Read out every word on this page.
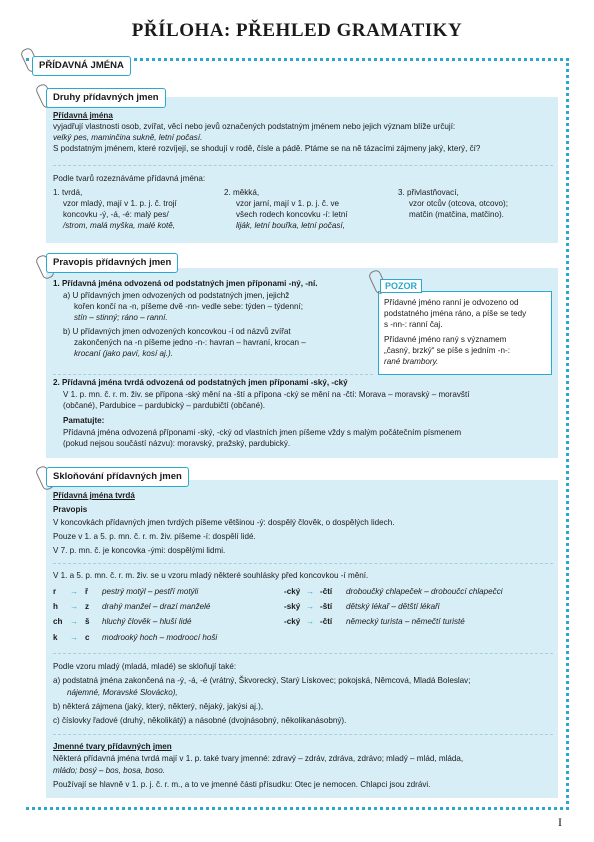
PŘÍLOHA: PŘEHLED GRAMATIKY
PŘÍDAVNÁ JMÉNA
Druhy přídavných jmen
Přídavná jména
vyjadřují vlastnosti osob, zvířat, věcí nebo jevů označených podstatným jménem nebo jejich význam blíže určují:
velký pes, maminčina sukně, letní počasí.
S podstatným jménem, které rozvíjejí, se shodují v rodě, čísle a pádě. Ptáme se na ně tázacími zájmeny jaký, který, čí?
Podle tvarů rozeznáváme přídavná jména:
1. tvrdá,
vzor mladý, mají v 1. p. j. č. trojí
koncovku -ý, -á, -é: malý pes/
/strom, malá myška, malé kotě,
2. měkká,
vzor jarní, mají v 1. p. j. č. ve
všech rodech koncovku -í: letní
liják, letní bouřka, letní počasí,
3. přivlastňovací,
vzor otcův (otcova, otcovo);
matčin (matčina, matčino).
Pravopis přídavných jmen
1. Přídavná jména odvozená od podstatných jmen příponami -ný, -ní.
a) U přídavných jmen odvozených od podstatných jmen, jejichž
kořen končí na -n, píšeme dvě -nn- vedle sebe: týden – týdenní;
stín – stinný; ráno – ranní.
b) U přídavných jmen odvozených koncovkou -í od názvů zvířat
zakončených na -n píšeme jedno -n-: havran – havraní, krocan –
krocaní (jako paví, kosí aj.).
POZOR
Přídavné jméno ranní je odvozeno od
podstatného jména ráno, a píše se tedy
s -nn-: ranní čaj.
Přídavné jméno raný s významem
„časný, brzký“ se píše s jedním -n-:
rané brambory.
2. Přídavná jména tvrdá odvozená od podstatných jmen příponami -ský, -cký
V 1. p. mn. č. r. m. živ. se přípona -ský mění na -ští a přípona -cký se mění na -čtí: Morava – moravský – moravští
(občané), Pardubice – pardubický – pardubičtí (občané).
Pamatujte:
Přídavná jména odvozená příponami -ský, -cký od vlastních jmen píšeme vždy s malým počátečním písmenem
(pokud nejsou součástí názvu): moravský, pražský, pardubický.
Skloňování přídavných jmen
Přídavná jména tvrdá
Pravopis
V koncovkách přídavných jmen tvrdých píšeme většinou -ý: dospělý člověk, o dospělých lidech.
Pouze v 1. a 5. p. mn. č. r. m. živ. píšeme -í: dospělí lidé.
V 7. p. mn. č. je koncovka -ými: dospělými lidmi.
V 1. a 5. p. mn. č. r. m. živ. se u vzoru mladý některé souhlásky před koncovkou -í mění.
r → ř pestrý motýl – pestří motýli	-cký → -čtí droboučký chlapeček – droboučcí chlapečci
h → z drahý manžel – drazí manželé	-ský → -ští dětský lékař – dětští lékaři
ch → š hluchý člověk – hluší lidé	-cký → -čtí německý turista – němečtí turisté
k → c modrooký hoch – modroocí hoši
Podle vzoru mladý (mladá, mladé) se skloňují také:
a) podstatná jména zakončená na -ý, -á, -é (vrátný, Škvorecký, Starý Lískovec; pokojská, Němcová, Mladá Boleslav;
nájemné, Moravské Slovácko),
b) některá zájmena (jaký, který, některý, nějaký, jakýsi aj.),
c) číslovky řadové (druhý, několikátý) a násobné (dvojnásobný, několikanásobný).
Jmenné tvary přídavných jmen
Některá přídavná jména tvrdá mají v 1. p. také tvary jmenné: zdravý – zdráv, zdráva, zdrávo; mladý – mlád, mláda,
mládo; bosý – bos, bosa, boso.
Používají se hlavně v 1. p. j. č. r. m., a to ve jmenné části přísudku: Otec je nemocen. Chlapci jsou zdrávi.
I
